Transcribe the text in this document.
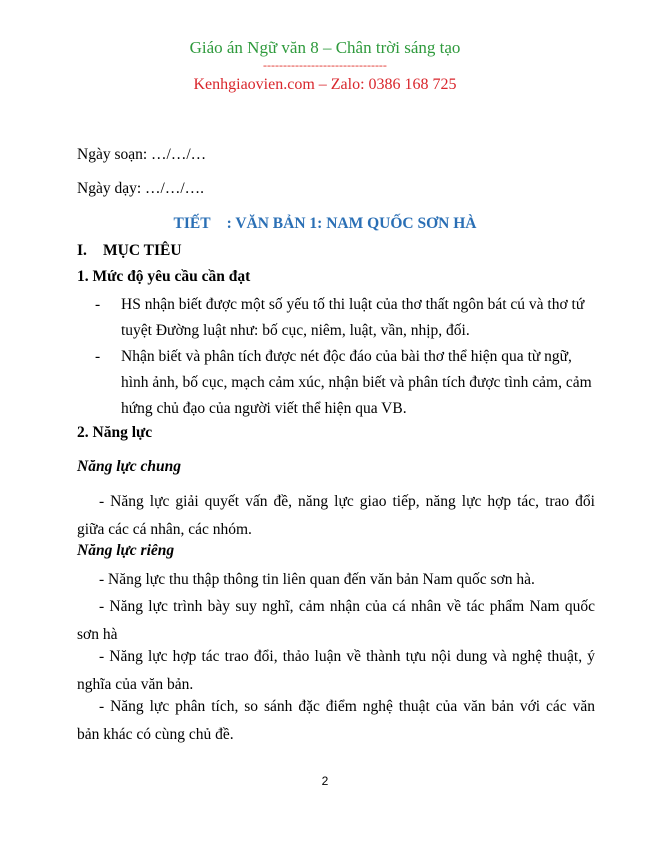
Giáo án Ngữ văn 8 – Chân trời sáng tạo
-------------------------------
Kenhgiaovien.com – Zalo: 0386 168 725
Ngày soạn: …/…/…
Ngày dạy: …/…/….
TIẾT : VĂN BẢN 1: NAM QUỐC SƠN HÀ
I. MỤC TIÊU
1. Mức độ yêu cầu cần đạt
- HS nhận biết được một số yếu tố thi luật của thơ thất ngôn bát cú và thơ tứ
tuyệt Đường luật như: bố cục, niêm, luật, vần, nhịp, đối.
- Nhận biết và phân tích được nét độc đáo của bài thơ thể hiện qua từ ngữ,
hình ảnh, bố cục, mạch cảm xúc, nhận biết và phân tích được tình cảm, cảm
hứng chủ đạo của người viết thể hiện qua VB.
2. Năng lực
Năng lực chung
- Năng lực giải quyết vấn đề, năng lực giao tiếp, năng lực hợp tác, trao đổi
giữa các cá nhân, các nhóm.
Năng lực riêng
- Năng lực thu thập thông tin liên quan đến văn bản Nam quốc sơn hà.
- Năng lực trình bày suy nghĩ, cảm nhận của cá nhân về tác phẩm Nam quốc
sơn hà
- Năng lực hợp tác trao đổi, thảo luận về thành tựu nội dung và nghệ thuật, ý
nghĩa của văn bản.
- Năng lực phân tích, so sánh đặc điểm nghệ thuật của văn bản với các văn
bản khác có cùng chủ đề.
2
